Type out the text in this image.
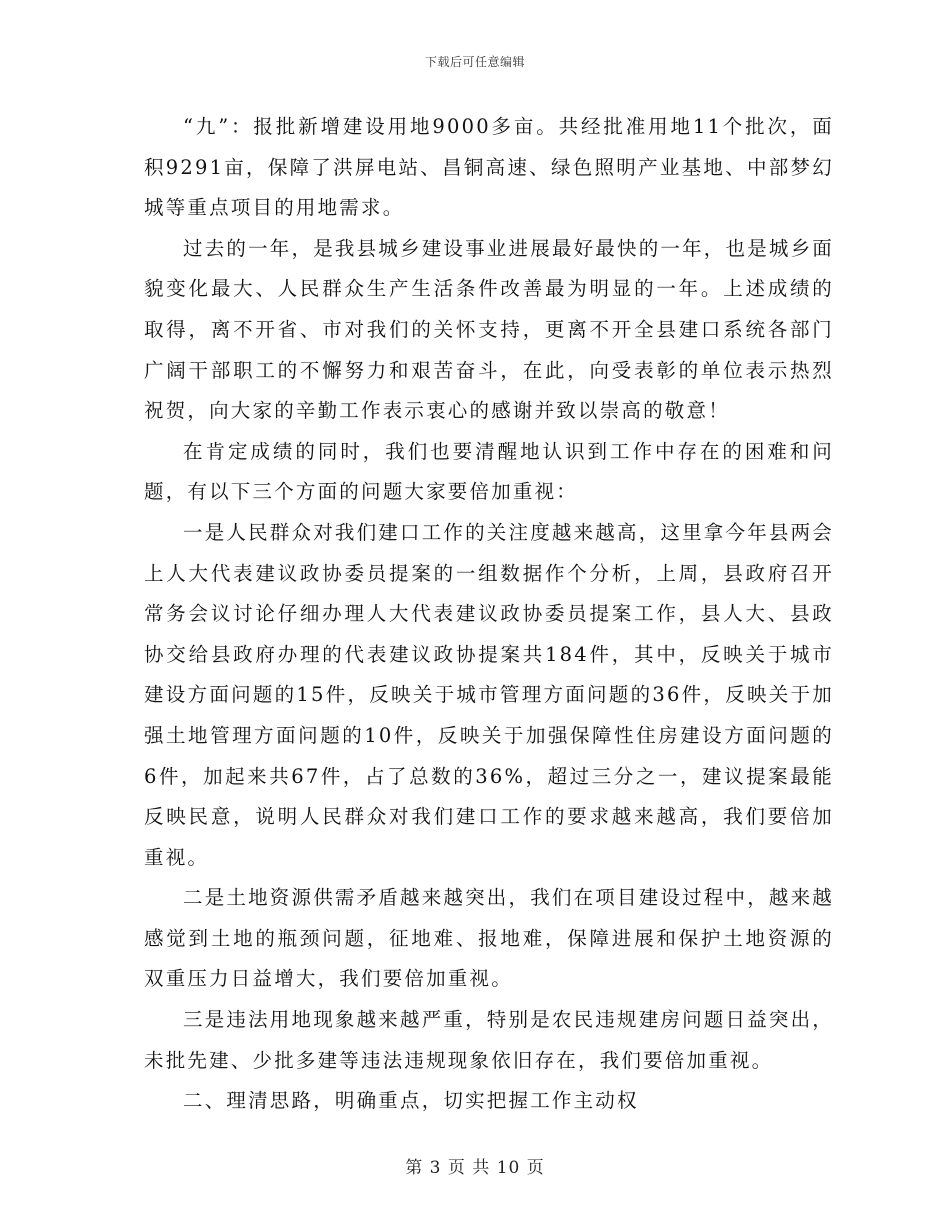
下载后可任意编辑

“九”：报批新增建设用地9000多亩。共经批准用地11个批次，面积9291亩，保障了洪屏电站、昌铜高速、绿色照明产业基地、中部梦幻城等重点项目的用地需求。

过去的一年，是我县城乡建设事业进展最好最快的一年，也是城乡面貌变化最大、人民群众生产生活条件改善最为明显的一年。上述成绩的取得，离不开省、市对我们的关怀支持，更离不开全县建口系统各部门广阔干部职工的不懈努力和艰苦奋斗，在此，向受表彰的单位表示热烈祝贺，向大家的辛勤工作表示衷心的感谢并致以崇高的敬意！

在肯定成绩的同时，我们也要清醒地认识到工作中存在的困难和问题，有以下三个方面的问题大家要倍加重视：

一是人民群众对我们建口工作的关注度越来越高，这里拿今年县两会上人大代表建议政协委员提案的一组数据作个分析，上周，县政府召开常务会议讨论仔细办理人大代表建议政协委员提案工作，县人大、县政协交给县政府办理的代表建议政协提案共184件，其中，反映关于城市建设方面问题的15件，反映关于城市管理方面问题的36件，反映关于加强土地管理方面问题的10件，反映关于加强保障性住房建设方面问题的6件，加起来共67件，占了总数的36%，超过三分之一，建议提案最能反映民意，说明人民群众对我们建口工作的要求越来越高，我们要倍加重视。

二是土地资源供需矛盾越来越突出，我们在项目建设过程中，越来越感觉到土地的瓶颈问题，征地难、报地难，保障进展和保护土地资源的双重压力日益增大，我们要倍加重视。

三是违法用地现象越来越严重，特别是农民违规建房问题日益突出，未批先建、少批多建等违法违规现象依旧存在，我们要倍加重视。

二、理清思路，明确重点，切实把握工作主动权

第 3 页 共 10 页
